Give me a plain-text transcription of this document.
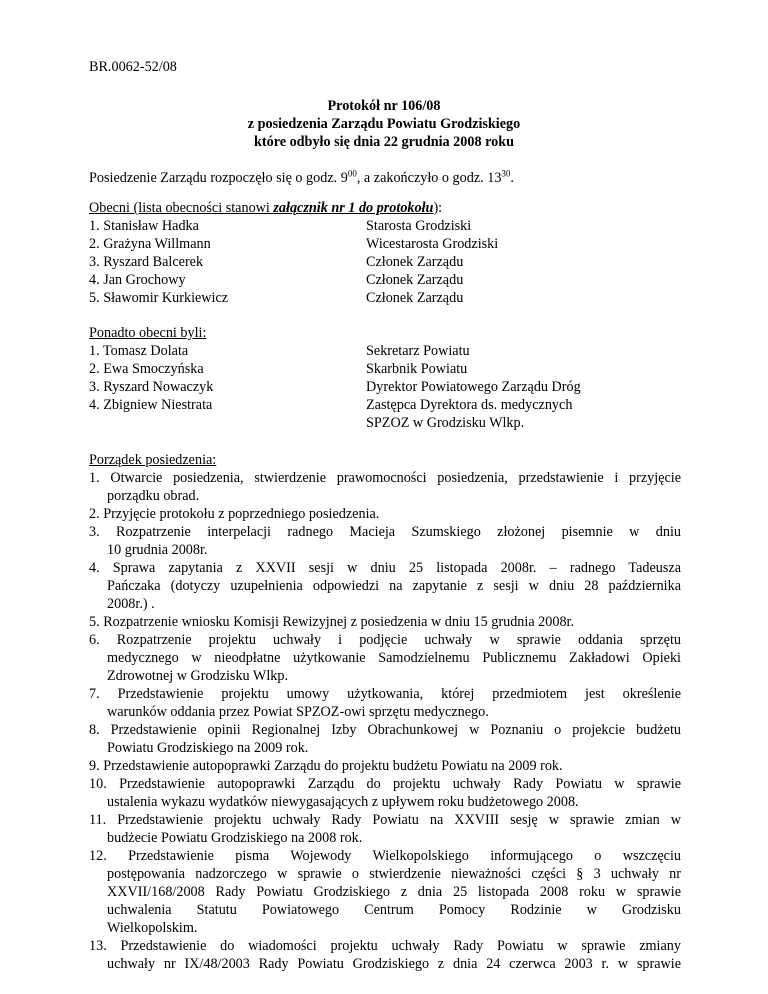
BR.0062-52/08
Protokół nr 106/08
z posiedzenia Zarządu Powiatu Grodziskiego
które odbyło się dnia 22 grudnia 2008 roku
Posiedzenie Zarządu rozpoczęło się o godz. $9^{00}$, a zakończyło o godz. $13^{30}$.
Obecni (lista obecności stanowi załącznik nr 1 do protokołu):
1. Stanisław Hadka	Starosta Grodziski
2. Grażyna Willmann	Wicestarosta Grodziski
3. Ryszard Balcerek	Członek Zarządu
4. Jan Grochowy	Członek Zarządu
5. Sławomir Kurkiewicz	Członek Zarządu
Ponadto obecni byli:
1. Tomasz Dolata	Sekretarz Powiatu
2. Ewa Smoczyńska	Skarbnik Powiatu
3. Ryszard Nowaczyk	Dyrektor Powiatowego Zarządu Dróg
4. Zbigniew Niestrata	Zastępca Dyrektora ds. medycznych
SPZOZ w Grodzisku Wlkp.
Porządek posiedzenia:
1. Otwarcie posiedzenia, stwierdzenie prawomocności posiedzenia, przedstawienie i przyjęcie
porządku obrad.
2. Przyjęcie protokołu z poprzedniego posiedzenia.
3. Rozpatrzenie interpelacji radnego Macieja Szumskiego złożonej pisemnie w dniu
10 grudnia 2008r.
4. Sprawa zapytania z XXVII sesji w dniu 25 listopada 2008r. – radnego Tadeusza
Pańczaka (dotyczy uzupełnienia odpowiedzi na zapytanie z sesji w dniu 28 października
2008r.) .
5. Rozpatrzenie wniosku Komisji Rewizyjnej z posiedzenia w dniu 15 grudnia 2008r.
6. Rozpatrzenie projektu uchwały i podjęcie uchwały w sprawie oddania sprzętu
medycznego w nieodpłatne użytkowanie Samodzielnemu Publicznemu Zakładowi Opieki
Zdrowotnej w Grodzisku Wlkp.
7. Przedstawienie projektu umowy użytkowania, której przedmiotem jest określenie
warunków oddania przez Powiat SPZOZ-owi sprzętu medycznego.
8. Przedstawienie opinii Regionalnej Izby Obrachunkowej w Poznaniu o projekcie budżetu
Powiatu Grodziskiego na 2009 rok.
9. Przedstawienie autopoprawki Zarządu do projektu budżetu Powiatu na 2009 rok.
10. Przedstawienie autopoprawki Zarządu do projektu uchwały Rady Powiatu w sprawie
ustalenia wykazu wydatków niewygasających z upływem roku budżetowego 2008.
11. Przedstawienie projektu uchwały Rady Powiatu na XXVIII sesję w sprawie zmian w
budżecie Powiatu Grodziskiego na 2008 rok.
12. Przedstawienie pisma Wojewody Wielkopolskiego informującego o wszczęciu
postępowania nadzorczego w sprawie o stwierdzenie nieważności części § 3 uchwały nr
XXVII/168/2008 Rady Powiatu Grodziskiego z dnia 25 listopada 2008 roku w sprawie
uchwalenia Statutu Powiatowego Centrum Pomocy Rodzinie w Grodzisku
Wielkopolskim.
13. Przedstawienie do wiadomości projektu uchwały Rady Powiatu w sprawie zmiany
uchwały nr IX/48/2003 Rady Powiatu Grodziskiego z dnia 24 czerwca 2003 r. w sprawie
